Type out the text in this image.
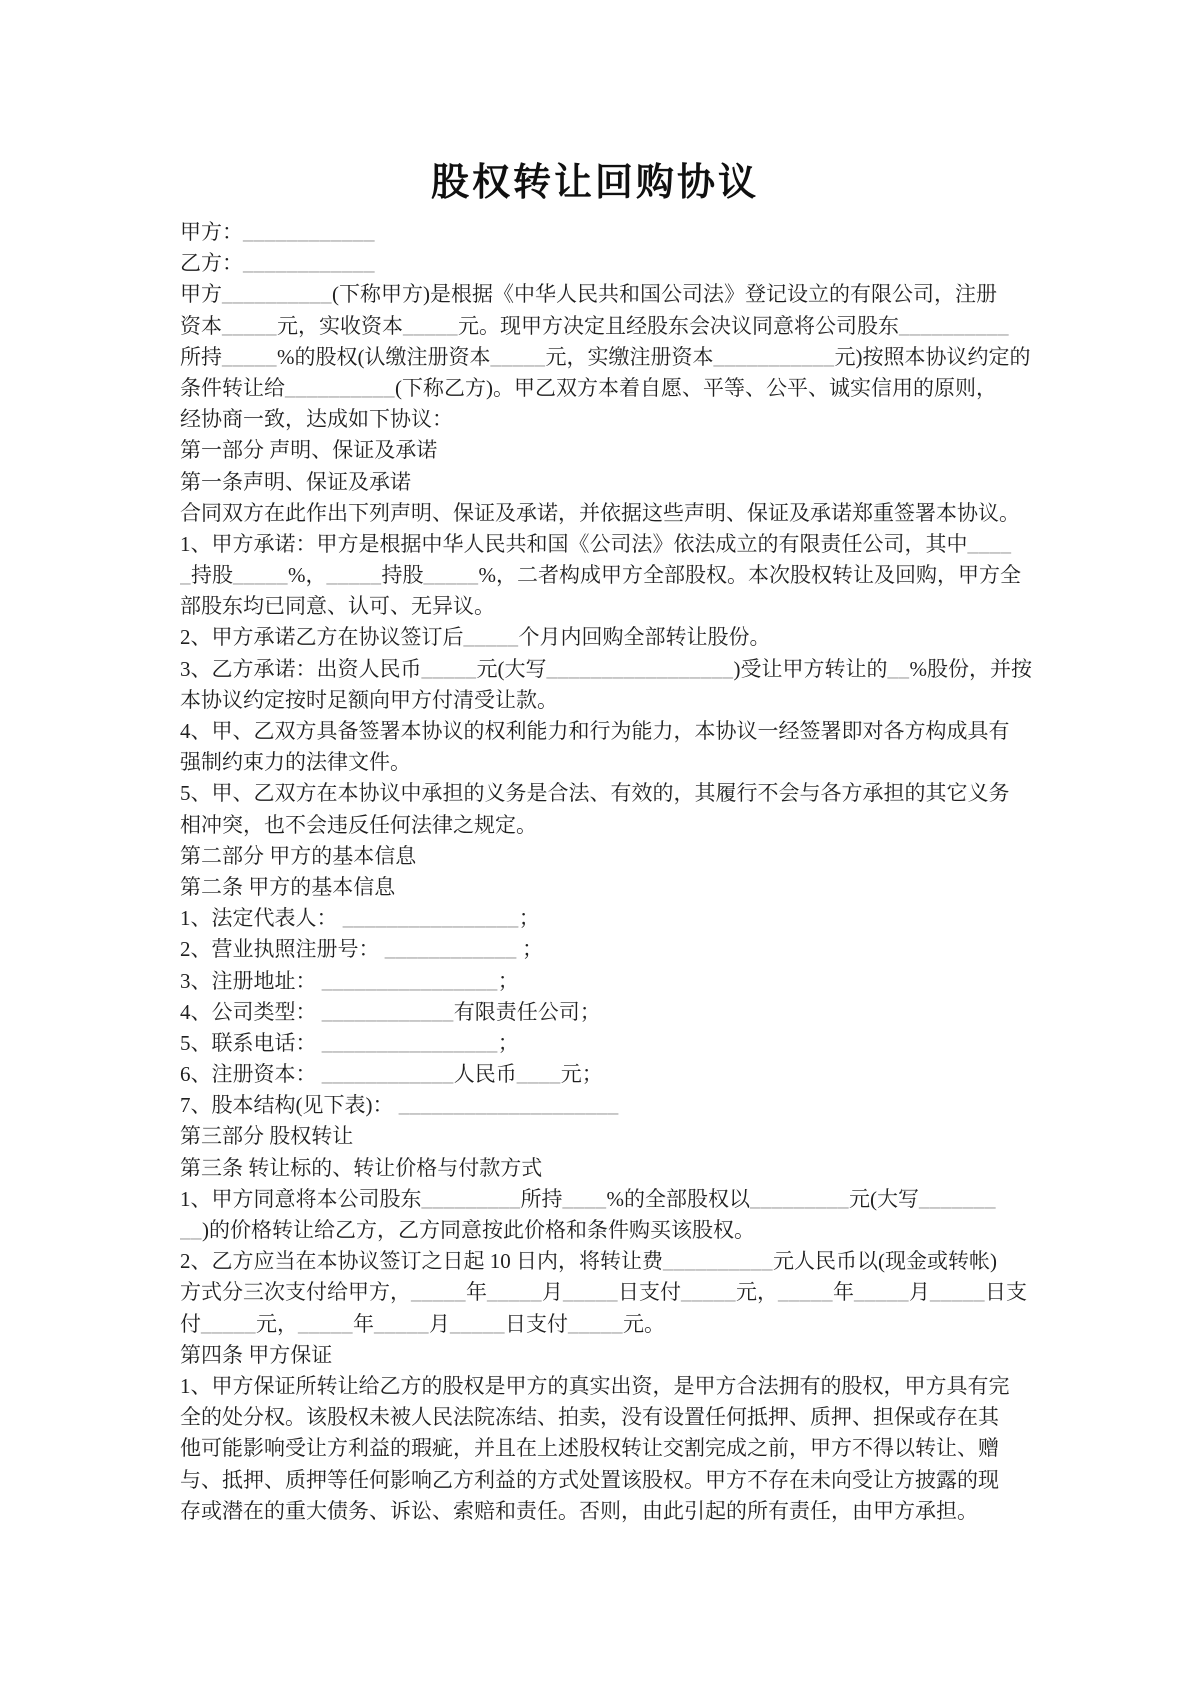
股权转让回购协议
甲方：____________
乙方：____________
甲方__________(下称甲方)是根据《中华人民共和国公司法》登记设立的有限公司，注册
资本_____元，实收资本_____元。现甲方决定且经股东会决议同意将公司股东__________
所持_____%的股权(认缴注册资本_____元，实缴注册资本___________元)按照本协议约定的
条件转让给__________(下称乙方)。甲乙双方本着自愿、平等、公平、诚实信用的原则，
经协商一致，达成如下协议：
第一部分 声明、保证及承诺
第一条声明、保证及承诺
合同双方在此作出下列声明、保证及承诺，并依据这些声明、保证及承诺郑重签署本协议。
1、甲方承诺：甲方是根据中华人民共和国《公司法》依法成立的有限责任公司，其中____
_持股_____%，_____持股_____%，二者构成甲方全部股权。本次股权转让及回购，甲方全
部股东均已同意、认可、无异议。
2、甲方承诺乙方在协议签订后_____个月内回购全部转让股份。
3、乙方承诺：出资人民币_____元(大写_________________)受让甲方转让的__%股份，并按
本协议约定按时足额向甲方付清受让款。
4、甲、乙双方具备签署本协议的权利能力和行为能力，本协议一经签署即对各方构成具有
强制约束力的法律文件。
5、甲、乙双方在本协议中承担的义务是合法、有效的，其履行不会与各方承担的其它义务
相冲突，也不会违反任何法律之规定。
第二部分 甲方的基本信息
第二条 甲方的基本信息
1、法定代表人： ________________；
2、营业执照注册号： ____________ ；
3、注册地址： ________________；
4、公司类型： ____________有限责任公司；
5、联系电话： ________________；
6、注册资本： ____________人民币____元；
7、股本结构(见下表)： ____________________
第三部分 股权转让
第三条 转让标的、转让价格与付款方式
1、甲方同意将本公司股东_________所持____%的全部股权以_________元(大写_______
__)的价格转让给乙方，乙方同意按此价格和条件购买该股权。
2、乙方应当在本协议签订之日起 10 日内，将转让费__________元人民币以(现金或转帐)
方式分三次支付给甲方，_____年_____月_____日支付_____元，_____年_____月_____日支
付_____元，_____年_____月_____日支付_____元。
第四条 甲方保证
1、甲方保证所转让给乙方的股权是甲方的真实出资，是甲方合法拥有的股权，甲方具有完
全的处分权。该股权未被人民法院冻结、拍卖，没有设置任何抵押、质押、担保或存在其
他可能影响受让方利益的瑕疵，并且在上述股权转让交割完成之前，甲方不得以转让、赠
与、抵押、质押等任何影响乙方利益的方式处置该股权。甲方不存在未向受让方披露的现
存或潜在的重大债务、诉讼、索赔和责任。否则，由此引起的所有责任，由甲方承担。
